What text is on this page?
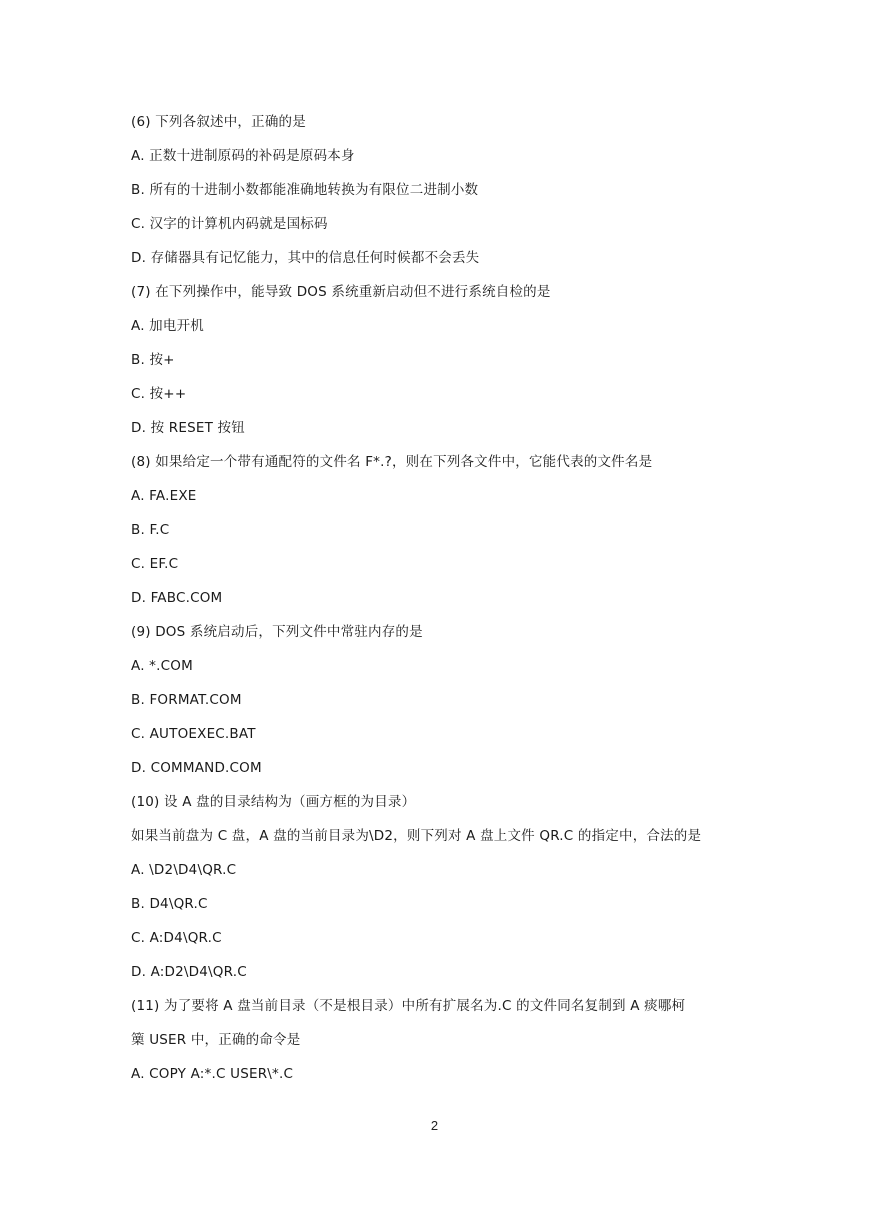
(6) 下列各叙述中，正确的是
A. 正数十进制原码的补码是原码本身
B. 所有的十进制小数都能准确地转换为有限位二进制小数
C. 汉字的计算机内码就是国标码
D. 存储器具有记忆能力，其中的信息任何时候都不会丢失
(7) 在下列操作中，能导致 DOS 系统重新启动但不进行系统自检的是
A. 加电开机
B. 按+
C. 按++
D. 按 RESET 按钮
(8) 如果给定一个带有通配符的文件名 F*.?，则在下列各文件中，它能代表的文件名是
A. FA.EXE
B. F.C
C. EF.C
D. FABC.COM
(9) DOS 系统启动后，下列文件中常驻内存的是
A. *.COM
B. FORMAT.COM
C. AUTOEXEC.BAT
D. COMMAND.COM
(10) 设 A 盘的目录结构为（画方框的为目录）
如果当前盘为 C 盘，A 盘的当前目录为\D2，则下列对 A 盘上文件 QR.C 的指定中，合法的是
A. \D2\D4\QR.C
B. D4\QR.C
C. A:D4\QR.C
D. A:D2\D4\QR.C
(11) 为了要将 A 盘当前目录（不是根目录）中所有扩展名为.C 的文件同名复制到 A 痰哪柯
篥 USER 中，正确的命令是
A. COPY A:*.C USER\*.C
2
